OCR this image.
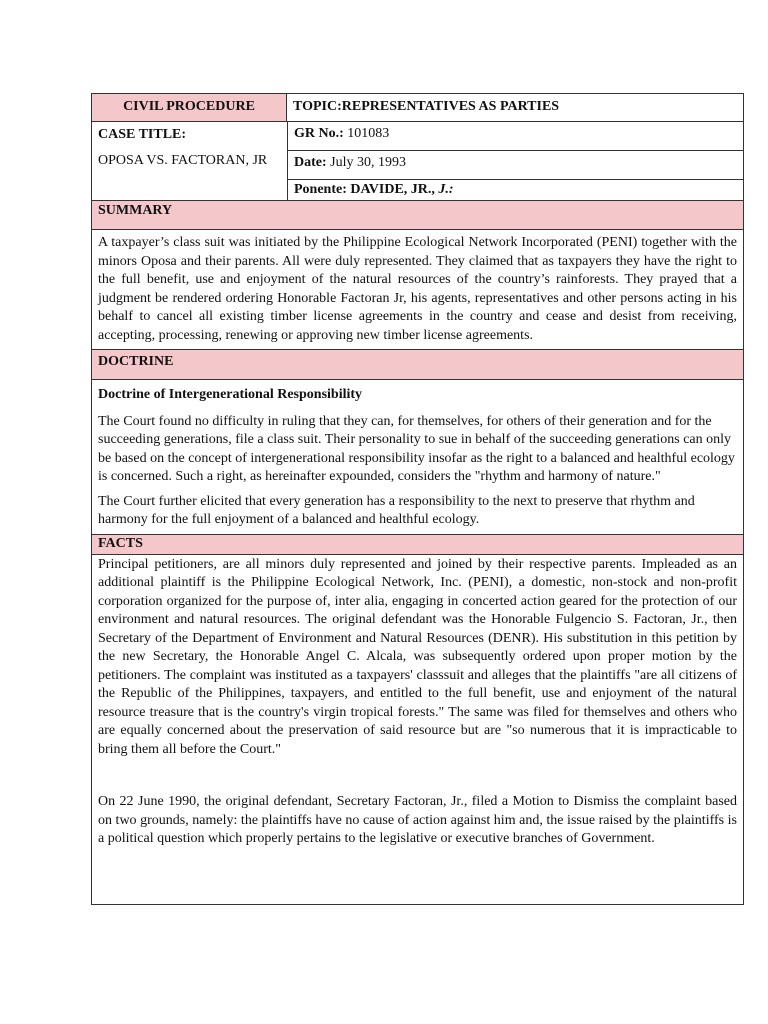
CIVIL PROCEDURE	TOPIC:REPRESENTATIVES AS PARTIES
CASE TITLE:
OPOSA VS. FACTORAN, JR
GR No.: 101083
Date: July 30, 1993
Ponente: DAVIDE, JR., J.:
SUMMARY
A taxpayer’s class suit was initiated by the Philippine Ecological Network Incorporated (PENI) together with the minors Oposa and their parents. All were duly represented. They claimed that as taxpayers they have the right to the full benefit, use and enjoyment of the natural resources of the country’s rainforests. They prayed that a judgment be rendered ordering Honorable Factoran Jr, his agents, representatives and other persons acting in his behalf to cancel all existing timber license agreements in the country and cease and desist from receiving, accepting, processing, renewing or approving new timber license agreements.
DOCTRINE

Doctrine of Intergenerational Responsibility

The Court found no difficulty in ruling that they can, for themselves, for others of their generation and for the succeeding generations, file a class suit. Their personality to sue in behalf of the succeeding generations can only be based on the concept of intergenerational responsibility insofar as the right to a balanced and healthful ecology is concerned. Such a right, as hereinafter expounded, considers the "rhythm and harmony of nature."

The Court further elicited that every generation has a responsibility to the next to preserve that rhythm and harmony for the full enjoyment of a balanced and healthful ecology.

FACTS

Principal petitioners, are all minors duly represented and joined by their respective parents. Impleaded as an additional plaintiff is the Philippine Ecological Network, Inc. (PENI), a domestic, non-stock and non-profit corporation organized for the purpose of, inter alia, engaging in concerted action geared for the protection of our environment and natural resources. The original defendant was the Honorable Fulgencio S. Factoran, Jr., then Secretary of the Department of Environment and Natural Resources (DENR). His substitution in this petition by the new Secretary, the Honorable Angel C. Alcala, was subsequently ordered upon proper motion by the petitioners. The complaint was instituted as a taxpayers' classsuit and alleges that the plaintiffs "are all citizens of the Republic of the Philippines, taxpayers, and entitled to the full benefit, use and enjoyment of the natural resource treasure that is the country's virgin tropical forests." The same was filed for themselves and others who are equally concerned about the preservation of said resource but are "so numerous that it is impracticable to bring them all before the Court."

On 22 June 1990, the original defendant, Secretary Factoran, Jr., filed a Motion to Dismiss the complaint based on two grounds, namely: the plaintiffs have no cause of action against him and, the issue raised by the plaintiffs is a political question which properly pertains to the legislative or executive branches of Government.
